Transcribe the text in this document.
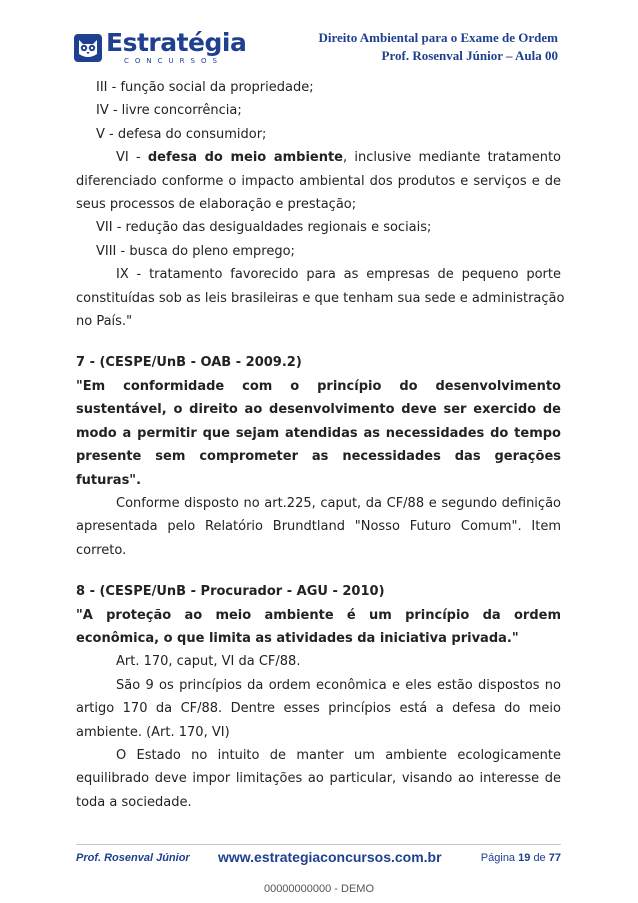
Estratégia
CONCURSOS
Direito Ambiental para o Exame de Ordem
Prof. Rosenval Júnior – Aula 00
III - função social da propriedade;
IV - livre concorrência;
V - defesa do consumidor;
VI - defesa do meio ambiente, inclusive mediante tratamento
diferenciado conforme o impacto ambiental dos produtos e serviços e de
seus processos de elaboração e prestação;
VII - redução das desigualdades regionais e sociais;
VIII - busca do pleno emprego;
IX - tratamento favorecido para as empresas de pequeno porte
constituídas sob as leis brasileiras e que tenham sua sede e administração
no País."
7 - (CESPE/UnB - OAB - 2009.2)
"Em conformidade com o princípio do desenvolvimento
sustentável, o direito ao desenvolvimento deve ser exercido de
modo a permitir que sejam atendidas as necessidades do tempo
presente sem comprometer as necessidades das gerações
futuras".
Conforme disposto no art.225, caput, da CF/88 e segundo definição
apresentada pelo Relatório Brundtland "Nosso Futuro Comum". Item
correto.
8 - (CESPE/UnB - Procurador - AGU - 2010)
"A proteção ao meio ambiente é um princípio da ordem
econômica, o que limita as atividades da iniciativa privada."
Art. 170, caput, VI da CF/88.
São 9 os princípios da ordem econômica e eles estão dispostos no
artigo 170 da CF/88. Dentre esses princípios está a defesa do meio
ambiente. (Art. 170, VI)
O Estado no intuito de manter um ambiente ecologicamente
equilibrado deve impor limitações ao particular, visando ao interesse de
toda a sociedade.
Prof. Rosenval Júnior www.estrategiaconcursos.com.br	Página 19 de 77
00000000000 - DEMO
